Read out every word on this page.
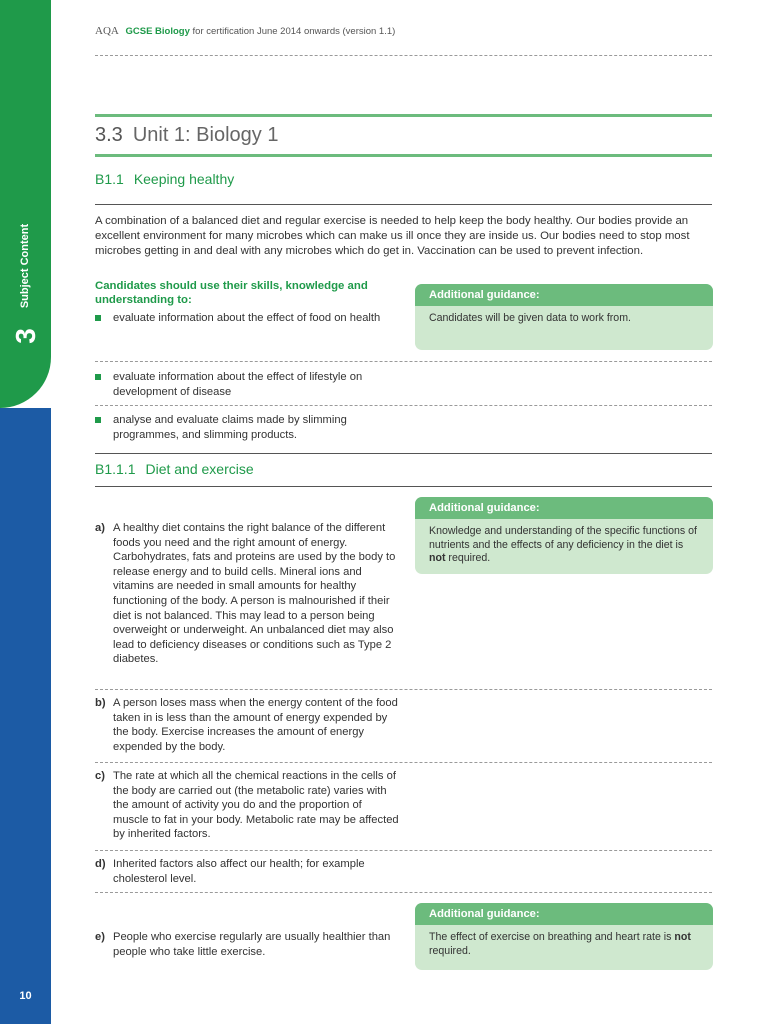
Subject Content
3
10
AQA GCSE Biology for certification June 2014 onwards (version 1.1)
3.3 Unit 1: Biology 1
B1.1 Keeping healthy
A combination of a balanced diet and regular exercise is needed to help keep the body healthy. Our bodies provide an excellent environment for many microbes which can make us ill once they are inside us. Our bodies need to stop most microbes getting in and deal with any microbes which do get in. Vaccination can be used to prevent infection.
Candidates should use their skills, knowledge and understanding to:
evaluate information about the effect of food on health
Additional guidance:
Candidates will be given data to work from.
evaluate information about the effect of lifestyle on development of disease
analyse and evaluate claims made by slimming programmes, and slimming products.
B1.1.1 Diet and exercise
Additional guidance:
Knowledge and understanding of the specific functions of nutrients and the effects of any deficiency in the diet is not required.
a) A healthy diet contains the right balance of the different foods you need and the right amount of energy. Carbohydrates, fats and proteins are used by the body to release energy and to build cells. Mineral ions and vitamins are needed in small amounts for healthy functioning of the body. A person is malnourished if their diet is not balanced. This may lead to a person being overweight or underweight. An unbalanced diet may also lead to deficiency diseases or conditions such as Type 2 diabetes.
b) A person loses mass when the energy content of the food taken in is less than the amount of energy expended by the body. Exercise increases the amount of energy expended by the body.
c) The rate at which all the chemical reactions in the cells of the body are carried out (the metabolic rate) varies with the amount of activity you do and the proportion of muscle to fat in your body. Metabolic rate may be affected by inherited factors.
d) Inherited factors also affect our health; for example cholesterol level.
Additional guidance:
The effect of exercise on breathing and heart rate is not required.
e) People who exercise regularly are usually healthier than people who take little exercise.
